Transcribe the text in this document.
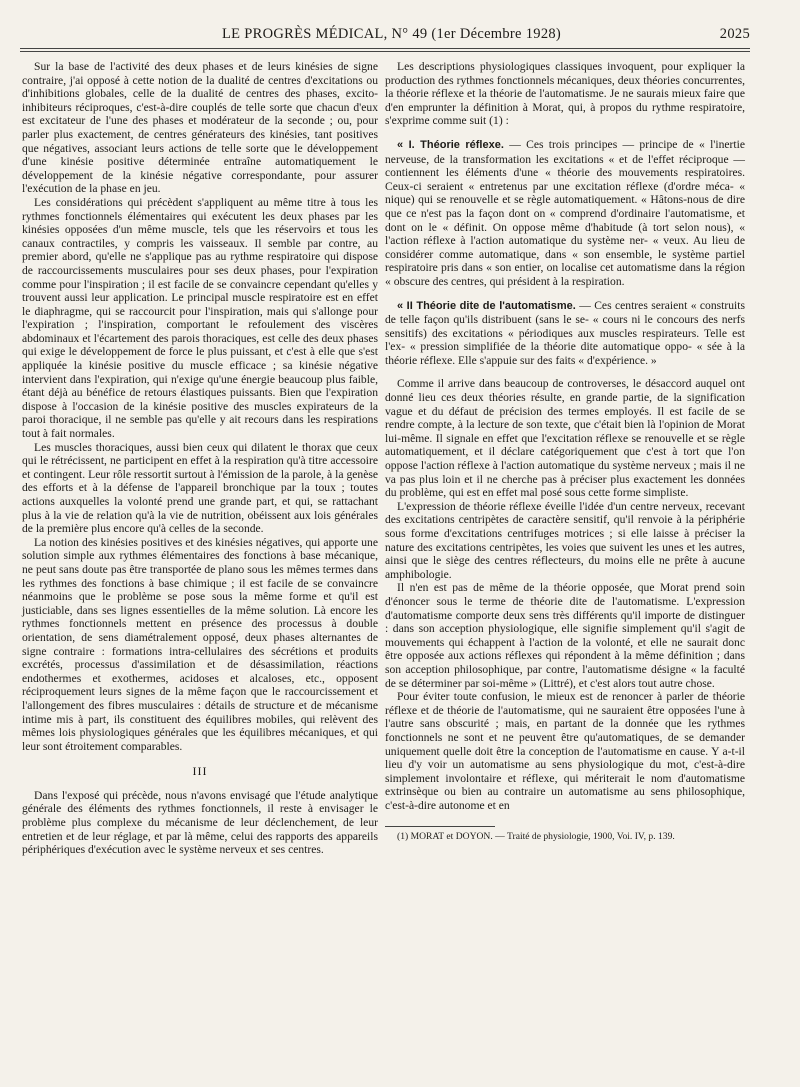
LE PROGRÈS MÉDICAL, N° 49 (1er Décembre 1928)	2025

Sur la base de l'activité des deux phases et de leurs kinésies de signe contraire, j'ai opposé à cette notion de la dualité de centres d'excitations ou d'inhibitions globales, celle de la dualité de centres des phases, excito-inhibiteurs réciproques, c'est-à-dire couplés de telle sorte que chacun d'eux est excitateur de l'une des phases et modérateur de la seconde ; ou, pour parler plus exactement, de centres générateurs des kinésies, tant positives que négatives, associant leurs actions de telle sorte que le développement d'une kinésie positive déterminée entraîne automatiquement le développement de la kinésie négative correspondante, pour assurer l'exécution de la phase en jeu.

Les considérations qui précèdent s'appliquent au même titre à tous les rythmes fonctionnels élémentaires qui exécutent les deux phases par les kinésies opposées d'un même muscle, tels que les réservoirs et tous les canaux contractiles, y compris les vaisseaux. Il semble par contre, au premier abord, qu'elle ne s'applique pas au rythme respiratoire qui dispose de raccourcissements musculaires pour ses deux phases, pour l'expiration comme pour l'inspiration ; il est facile de se convaincre cependant qu'elles y trouvent aussi leur application. Le principal muscle respiratoire est en effet le diaphragme, qui se raccourcit pour l'inspiration, mais qui s'allonge pour l'expiration ; l'inspiration, comportant le refoulement des viscères abdominaux et l'écartement des parois thoraciques, est celle des deux phases qui exige le développement de force le plus puissant, et c'est à elle que s'est appliquée la kinésie positive du muscle efficace ; sa kinésie négative intervient dans l'expiration, qui n'exige qu'une énergie beaucoup plus faible, étant déjà au bénéfice de retours élastiques puissants. Bien que l'expiration dispose à l'occasion de la kinésie positive des muscles expirateurs de la paroi thoracique, il ne semble pas qu'elle y ait recours dans les respirations tout à fait normales.

Les muscles thoraciques, aussi bien ceux qui dilatent le thorax que ceux qui le rétrécissent, ne participent en effet à la respiration qu'à titre accessoire et contingent. Leur rôle ressortit surtout à l'émission de la parole, à la genèse des efforts et à la défense de l'appareil bronchique par la toux ; toutes actions auxquelles la volonté prend une grande part, et qui, se rattachant plus à la vie de relation qu'à la vie de nutrition, obéissent aux lois générales de la première plus encore qu'à celles de la seconde.

La notion des kinésies positives et des kinésies négatives, qui apporte une solution simple aux rythmes élémentaires des fonctions à base mécanique, ne peut sans doute pas être transportée de plano sous les mêmes termes dans les rythmes des fonctions à base chimique ; il est facile de se convaincre néanmoins que le problème se pose sous la même forme et qu'il est justiciable, dans ses lignes essentielles de la même solution. Là encore les rythmes fonctionnels mettent en présence des processus à double orientation, de sens diamétralement opposé, deux phases alternantes de signe contraire : formations intra-cellulaires des sécrétions et produits excrétés, processus d'assimilation et de désassimilation, réactions endothermes et exothermes, acidoses et alcaloses, etc., opposent réciproquement leurs signes de la même façon que le raccourcissement et l'allongement des fibres musculaires : détails de structure et de mécanisme intime mis à part, ils constituent des équilibres mobiles, qui relèvent des mêmes lois physiologiques générales que les équilibres mécaniques, et qui leur sont étroitement comparables.

III

Dans l'exposé qui précède, nous n'avons envisagé que l'étude analytique générale des éléments des rythmes fonctionnels, il reste à envisager le problème plus complexe du mécanisme de leur déclenchement, de leur entretien et de leur réglage, et par là même, celui des rapports des appareils périphériques d'exécution avec le système nerveux et ses centres.

Les descriptions physiologiques classiques invoquent, pour expliquer la production des rythmes fonctionnels mécaniques, deux théories concurrentes, la théorie réflexe et la théorie de l'automatisme. Je ne saurais mieux faire que d'en emprunter la définition à Morat, qui, à propos du rythme respiratoire, s'exprime comme suit (1) :

« I. Théorie réflexe. — Ces trois principes — principe de « l'inertie nerveuse, de la transformation les excitations « et de l'effet réciproque — contiennent les éléments d'une « théorie des mouvements respiratoires. Ceux-ci seraient « entretenus par une excitation réflexe (d'ordre méca- « nique) qui se renouvelle et se règle automatiquement. « Hâtons-nous de dire que ce n'est pas la façon dont on « comprend d'ordinaire l'automatisme, et dont on le « définit. On oppose même d'habitude (à tort selon nous), « l'action réflexe à l'action automatique du système ner- « veux. Au lieu de considérer comme automatique, dans « son ensemble, le système partiel respiratoire pris dans « son entier, on localise cet automatisme dans la région « obscure des centres, qui président à la respiration.

« II Théorie dite de l'automatisme. — Ces centres seraient « construits de telle façon qu'ils distribuent (sans le se- « cours ni le concours des nerfs sensitifs) des excitations « périodiques aux muscles respirateurs. Telle est l'ex- « pression simplifiée de la théorie dite automatique oppo- « sée à la théorie réflexe. Elle s'appuie sur des faits « d'expérience. »

Comme il arrive dans beaucoup de controverses, le désaccord auquel ont donné lieu ces deux théories résulte, en grande partie, de la signification vague et du défaut de précision des termes employés. Il est facile de se rendre compte, à la lecture de son texte, que c'était bien là l'opinion de Morat lui-même. Il signale en effet que l'excitation réflexe se renouvelle et se règle automatiquement, et il déclare catégoriquement que c'est à tort que l'on oppose l'action réflexe à l'action automatique du système nerveux ; mais il ne va pas plus loin et il ne cherche pas à préciser plus exactement les données du problème, qui est en effet mal posé sous cette forme simpliste.

L'expression de théorie réflexe éveille l'idée d'un centre nerveux, recevant des excitations centripètes de caractère sensitif, qu'il renvoie à la périphérie sous forme d'excitations centrifuges motrices ; si elle laisse à préciser la nature des excitations centripètes, les voies que suivent les unes et les autres, ainsi que le siège des centres réflecteurs, du moins elle ne prête à aucune amphibologie.

Il n'en est pas de même de la théorie opposée, que Morat prend soin d'énoncer sous le terme de théorie dite de l'automatisme. L'expression d'automatisme comporte deux sens très différents qu'il importe de distinguer : dans son acception physiologique, elle signifie simplement qu'il s'agit de mouvements qui échappent à l'action de la volonté, et elle ne saurait donc être opposée aux actions réflexes qui répondent à la même définition ; dans son acception philosophique, par contre, l'automatisme désigne « la faculté de se déterminer par soi-même » (Littré), et c'est alors tout autre chose.

Pour éviter toute confusion, le mieux est de renoncer à parler de théorie réflexe et de théorie de l'automatisme, qui ne sauraient être opposées l'une à l'autre sans obscurité ; mais, en partant de la donnée que les rythmes fonctionnels ne sont et ne peuvent être qu'automatiques, de se demander uniquement quelle doit être la conception de l'automatisme en cause. Y a-t-il lieu d'y voir un automatisme au sens physiologique du mot, c'est-à-dire simplement involontaire et réflexe, qui mériterait le nom d'automatisme extrinsèque ou bien au contraire un automatisme au sens philosophique, c'est-à-dire autonome et en

(1) MORAT et DOYON. — Traité de physiologie, 1900, Voi. IV, p. 139.
